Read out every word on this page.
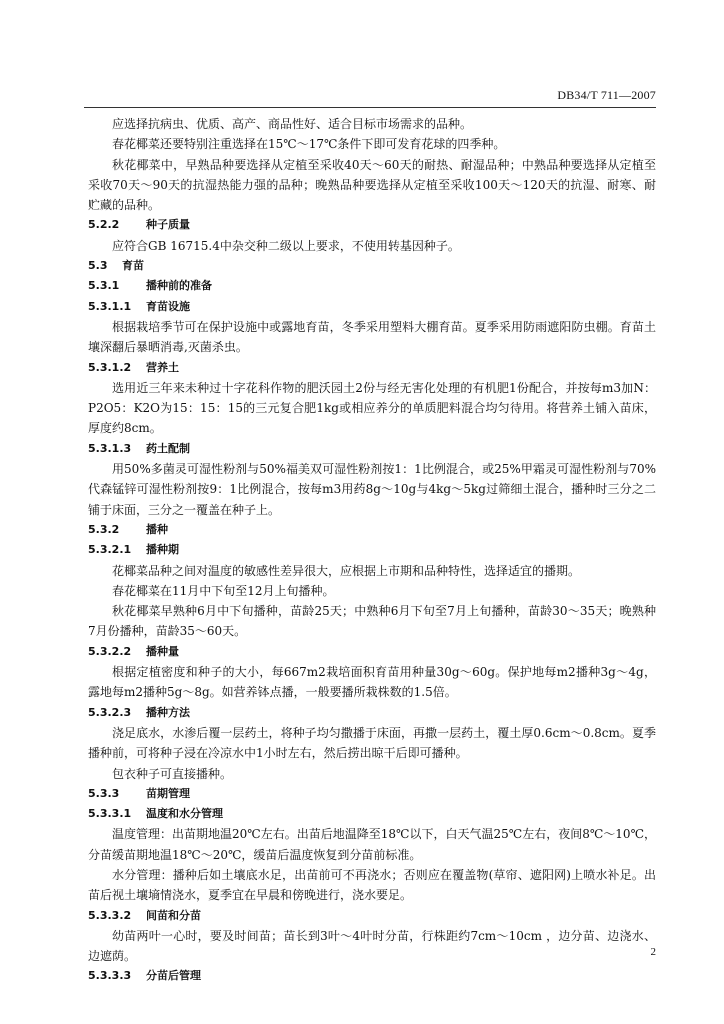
DB34/T 711—2007

应选择抗病虫、优质、高产、商品性好、适合目标市场需求的品种。

春花椰菜还要特别注重选择在15℃～17℃条件下即可发育花球的四季种。

秋花椰菜中，早熟品种要选择从定植至采收40天～60天的耐热、耐湿品种；中熟品种要选择从定植至采收70天～90天的抗湿热能力强的品种；晚熟品种要选择从定植至采收100天～120天的抗湿、耐寒、耐贮藏的品种。

5.2.2 种子质量

应符合GB 16715.4中杂交种二级以上要求，不使用转基因种子。

5.3 育苗
5.3.1 播种前的准备
5.3.1.1 育苗设施

根据栽培季节可在保护设施中或露地育苗，冬季采用塑料大棚育苗。夏季采用防雨遮阳防虫棚。育苗土壤深翻后暴晒消毒,灭菌杀虫。

5.3.1.2 营养土

选用近三年来未种过十字花科作物的肥沃园土2份与经无害化处理的有机肥1份配合，并按每m3加N：P2O5：K2O为15：15：15的三元复合肥1kg或相应养分的单质肥料混合均匀待用。将营养土铺入苗床，厚度约8cm。

5.3.1.3 药土配制

用50%多菌灵可湿性粉剂与50%福美双可湿性粉剂按1：1比例混合，或25%甲霜灵可湿性粉剂与70%代森锰锌可湿性粉剂按9：1比例混合，按每m3用药8g～10g与4kg～5kg过筛细土混合，播种时三分之二铺于床面，三分之一覆盖在种子上。

5.3.2 播种
5.3.2.1 播种期

花椰菜品种之间对温度的敏感性差异很大，应根据上市期和品种特性，选择适宜的播期。

春花椰菜在11月中下旬至12月上旬播种。

秋花椰菜早熟种6月中下旬播种，苗龄25天；中熟种6月下旬至7月上旬播种，苗龄30～35天；晚熟种7月份播种，苗龄35～60天。

5.3.2.2 播种量

根据定植密度和种子的大小，每667m2栽培面积育苗用种量30g～60g。保护地每m2播种3g～4g，露地每m2播种5g～8g。如营养钵点播，一般要播所栽株数的1.5倍。

5.3.2.3 播种方法

浇足底水，水渗后覆一层药土，将种子均匀撒播于床面，再撒一层药土，覆土厚0.6cm～0.8cm。夏季播种前，可将种子浸在冷凉水中1小时左右，然后捞出晾干后即可播种。

包衣种子可直接播种。

5.3.3 苗期管理
5.3.3.1 温度和水分管理

温度管理：出苗期地温20℃左右。出苗后地温降至18℃以下，白天气温25℃左右，夜间8℃～10℃，分苗缓苗期地温18℃～20℃，缓苗后温度恢复到分苗前标准。

水分管理：播种后如土壤底水足，出苗前可不再浇水；否则应在覆盖物(草帘、遮阳网)上喷水补足。出苗后视土壤墒情浇水，夏季宜在早晨和傍晚进行，浇水要足。

5.3.3.2 间苗和分苗

幼苗两叶一心时，要及时间苗；苗长到3叶～4叶时分苗，行株距约7cm～10cm ，边分苗、边浇水、边遮荫。

5.3.3.3 分苗后管理
2
